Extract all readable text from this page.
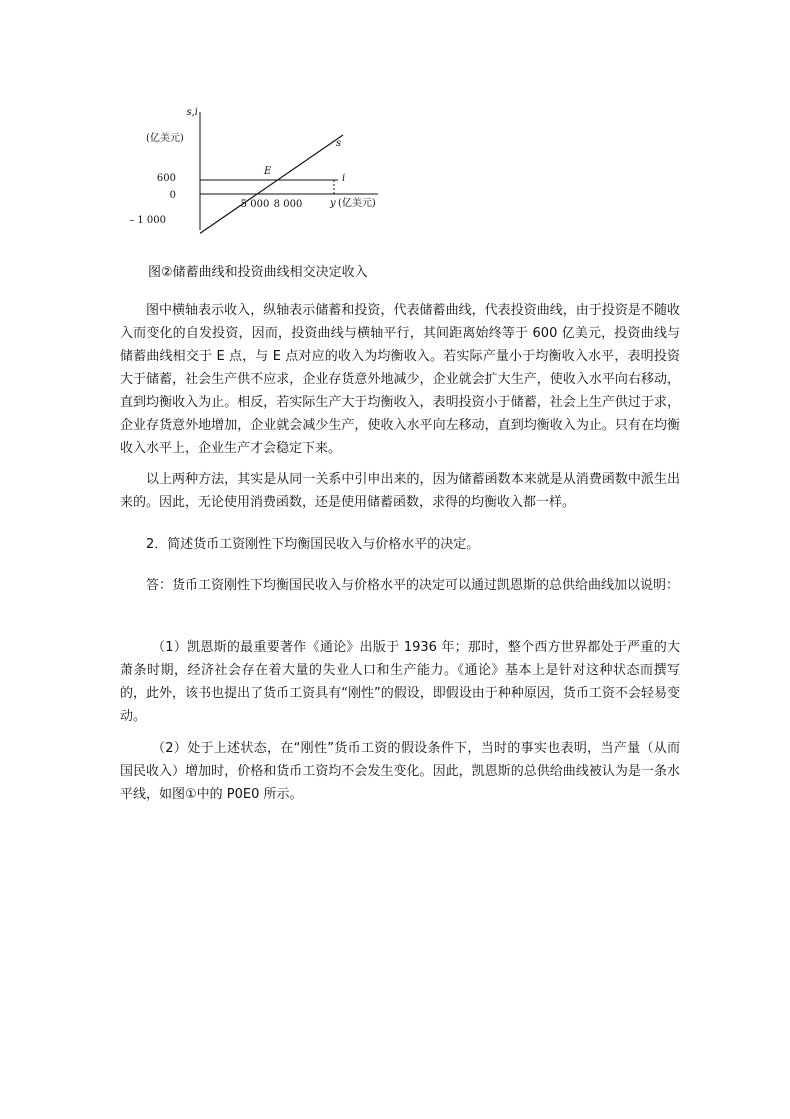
s,i
(亿美元)
y (亿美元)
600
0
– 1 000
5 000 8 000
E
s
i
图②储蓄曲线和投资曲线相交决定收入

图中横轴表示收入，纵轴表示储蓄和投资，代表储蓄曲线，代表投资曲线，由于投资是不随收入而变化的自发投资，因而，投资曲线与横轴平行，其间距离始终等于 600 亿美元，投资曲线与储蓄曲线相交于 E 点，与 E 点对应的收入为均衡收入。若实际产量小于均衡收入水平，表明投资大于储蓄，社会生产供不应求，企业存货意外地减少，企业就会扩大生产，使收入水平向右移动，直到均衡收入为止。相反，若实际生产大于均衡收入，表明投资小于储蓄，社会上生产供过于求，企业存货意外地增加，企业就会减少生产，使收入水平向左移动，直到均衡收入为止。只有在均衡收入水平上，企业生产才会稳定下来。

以上两种方法，其实是从同一关系中引申出来的，因为储蓄函数本来就是从消费函数中派生出来的。因此，无论使用消费函数，还是使用储蓄函数，求得的均衡收入都一样。

2．简述货币工资刚性下均衡国民收入与价格水平的决定。

答：货币工资刚性下均衡国民收入与价格水平的决定可以通过凯恩斯的总供给曲线加以说明：

（1）凯恩斯的最重要著作《通论》出版于 1936 年；那时，整个西方世界都处于严重的大萧条时期，经济社会存在着大量的失业人口和生产能力。《通论》基本上是针对这种状态而撰写的，此外，该书也提出了货币工资具有“刚性”的假设，即假设由于种种原因，货币工资不会轻易变动。

（2）处于上述状态，在“刚性”货币工资的假设条件下，当时的事实也表明，当产量（从而国民收入）增加时，价格和货币工资均不会发生变化。因此，凯恩斯的总供给曲线被认为是一条水平线，如图①中的 P0E0 所示。
